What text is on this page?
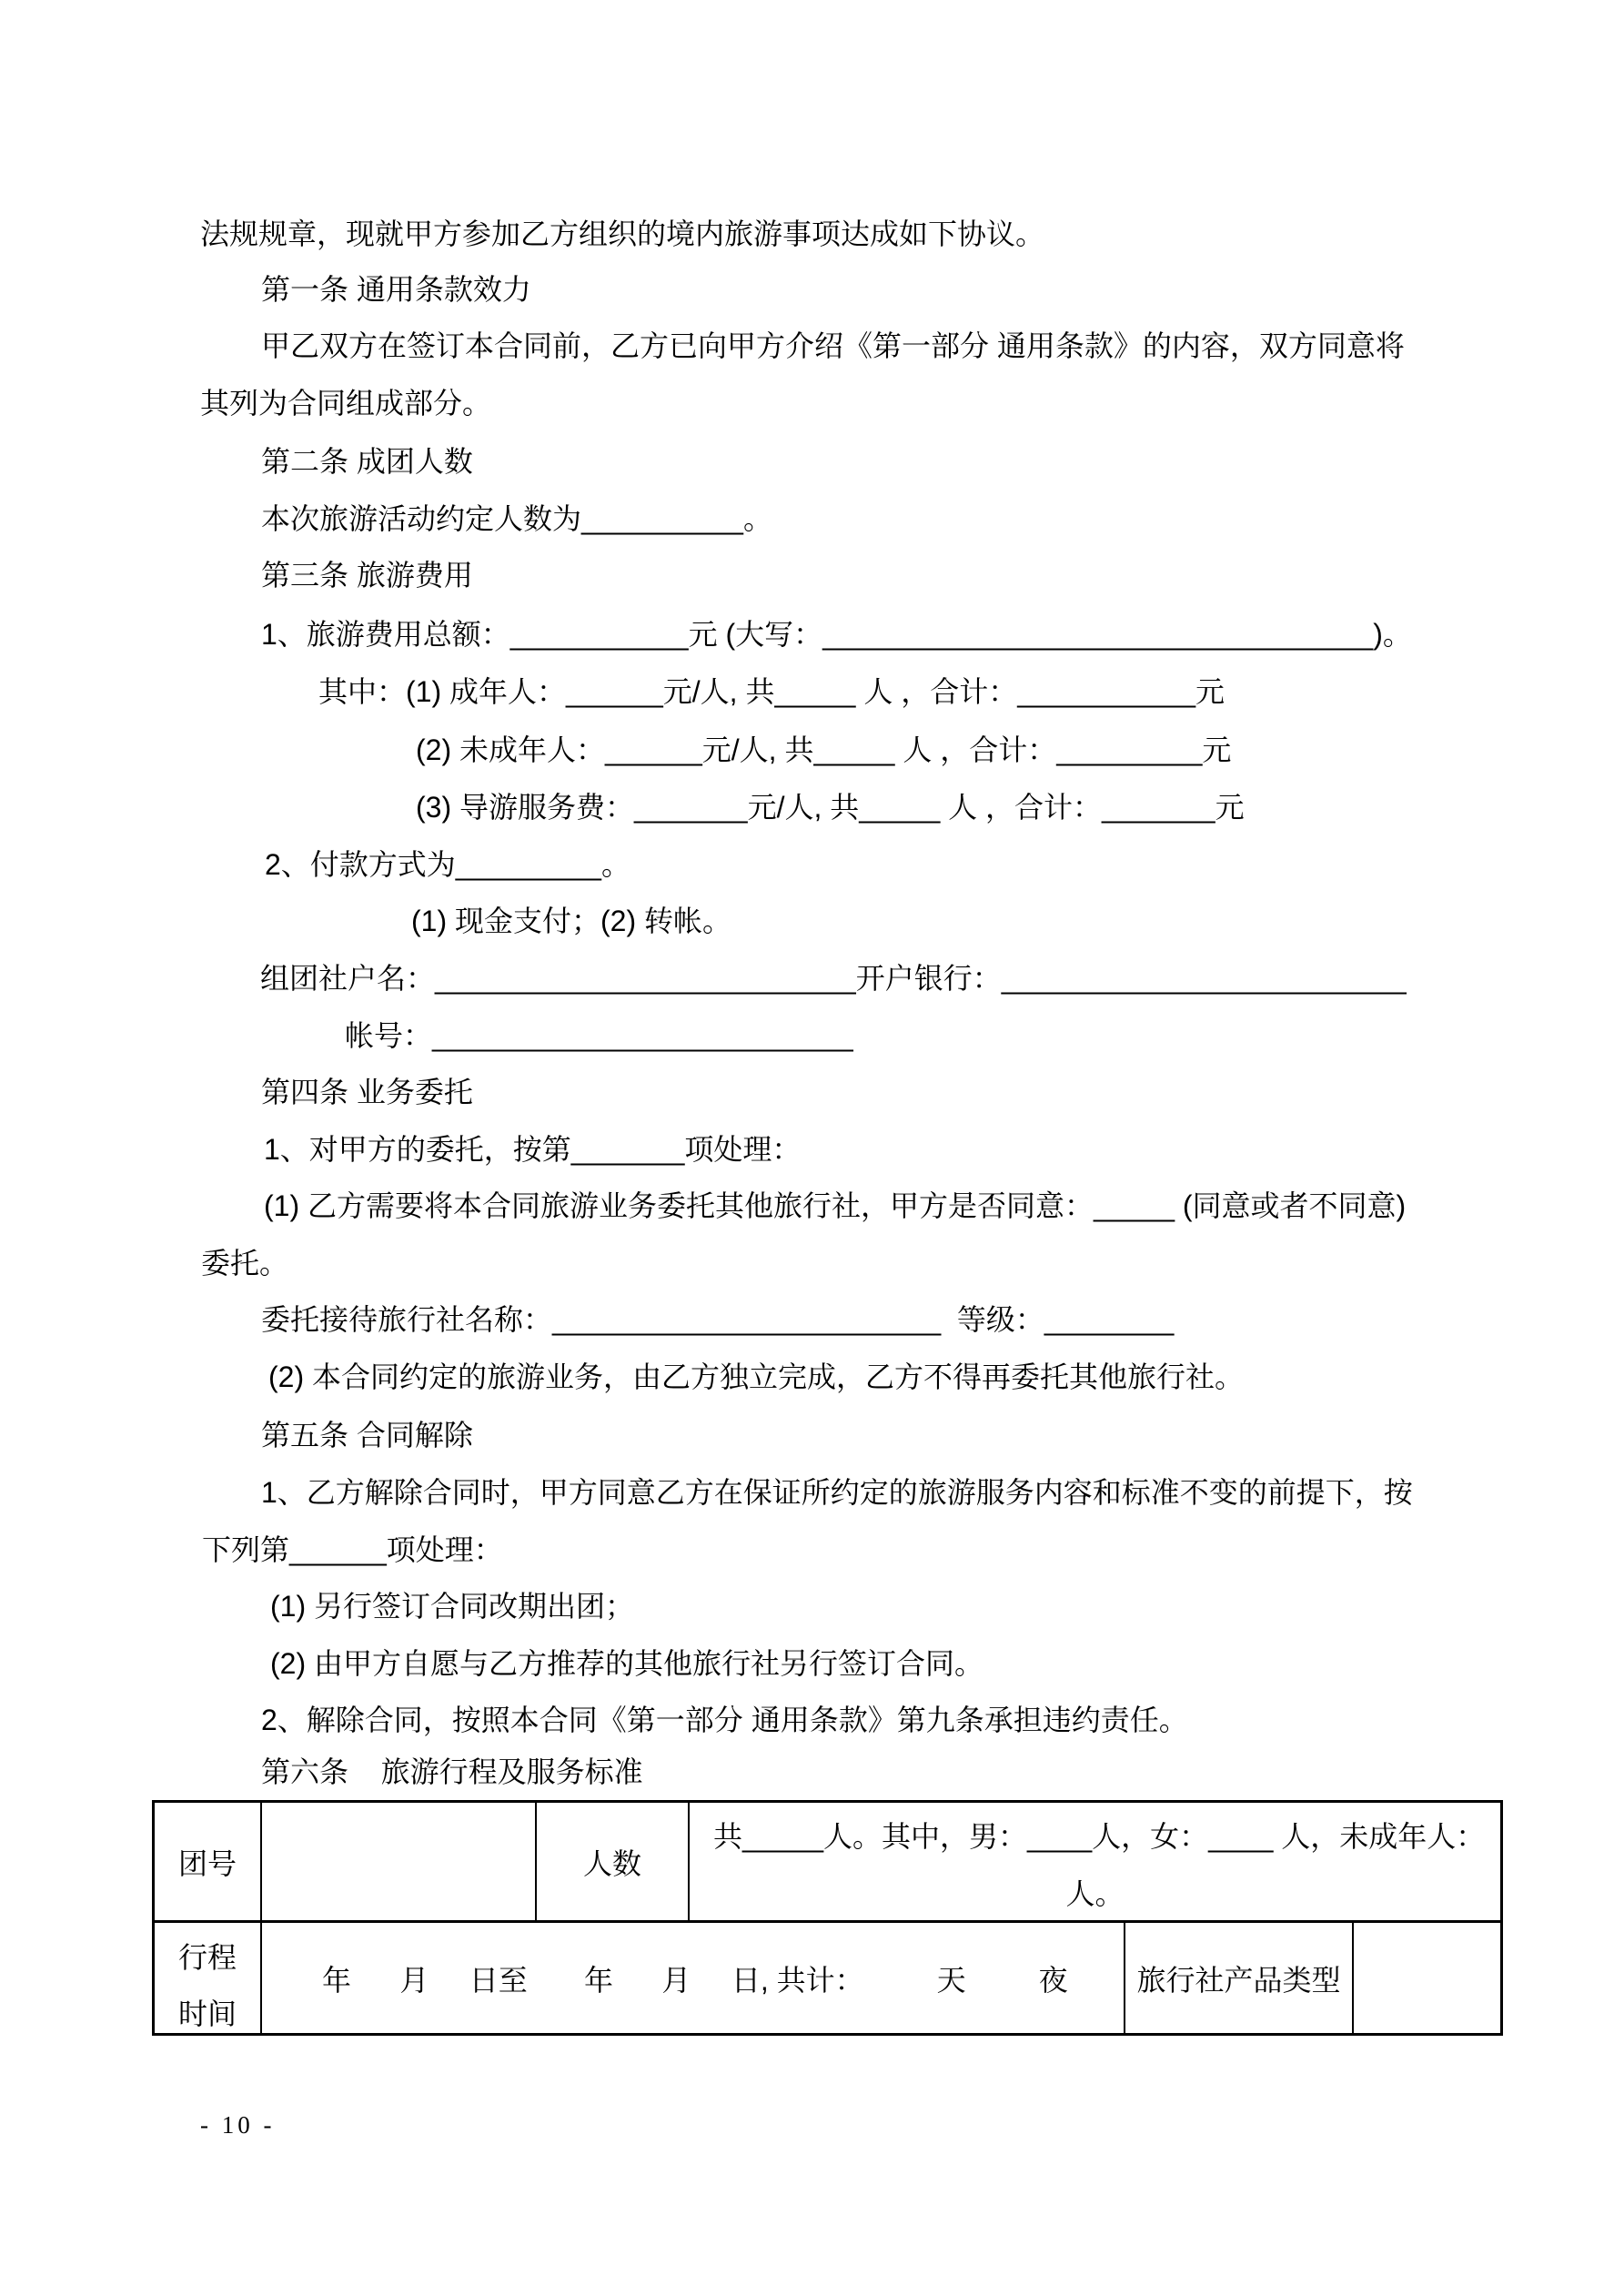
法规规章，现就甲方参加乙方组织的境内旅游事项达成如下协议。
第一条 通用条款效力
甲乙双方在签订本合同前，乙方已向甲方介绍《第一部分 通用条款》的内容，双方同意将
其列为合同组成部分。
第二条 成团人数
本次旅游活动约定人数为__________。
第三条 旅游费用
1、旅游费用总额：___________元 (大写：__________________________________)。
其中：(1) 成年人：______元/人, 共_____ 人 ，合计：___________元
(2) 未成年人：______元/人, 共_____ 人 ，合计：_________元
(3) 导游服务费：_______元/人, 共_____ 人 ，合计：_______元
2、付款方式为_________。
(1) 现金支付；(2) 转帐。
组团社户名：__________________________开户银行：_________________________
帐号：__________________________
第四条 业务委托
1、对甲方的委托，按第_______项处理：
(1) 乙方需要将本合同旅游业务委托其他旅行社，甲方是否同意：_____ (同意或者不同意)
委托。
委托接待旅行社名称：________________________  等级：________
(2) 本合同约定的旅游业务，由乙方独立完成，乙方不得再委托其他旅行社。
第五条 合同解除
1、乙方解除合同时，甲方同意乙方在保证所约定的旅游服务内容和标准不变的前提下，按
下列第______项处理：
(1) 另行签订合同改期出团；
(2) 由甲方自愿与乙方推荐的其他旅行社另行签订合同。
2、解除合同，按照本合同《第一部分 通用条款》第九条承担违约责任。
第六条    旅游行程及服务标准
团号	人数
共_____人。其中，男：____人，女：____ 人，未成年人：
人。
行程
时间
年      月     日至       年      月     日, 共计：         天         夜	旅行社产品类型
- 10 -
